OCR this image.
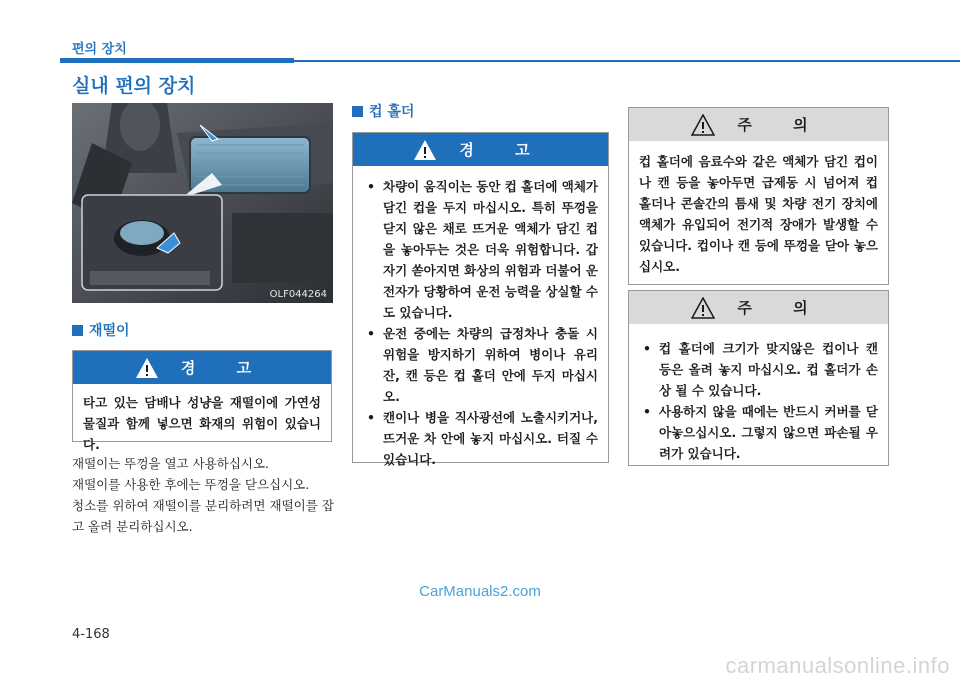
편의 장치
실내 편의 장치
OLF044264
재떨이
경 고

타고 있는 담배나 성냥을 재떨이에 가연성 물질과 함께 넣으면 화재의 위험이 있습니다.

재떨이는 뚜껑을 열고 사용하십시오.

재떨이를 사용한 후에는 뚜껑을 닫으십시오.

청소를 위하여 재떨이를 분리하려면 재떨이를 잡고 올려 분리하십시오.

컵 홀더
경 고
• 차량이 움직이는 동안 컵 홀더에 액체가 담긴 컵을 두지 마십시오. 특히 뚜껑을 닫지 않은 채로 뜨거운 액체가 담긴 컵을 놓아두는 것은 더욱 위험합니다. 갑자기 쏟아지면 화상의 위험과 더불어 운전자가 당황하여 운전 능력을 상실할 수도 있습니다.
• 운전 중에는 차량의 급정차나 충돌 시 위험을 방지하기 위하여 병이나 유리잔, 캔 등은 컵 홀더 안에 두지 마십시오.
• 캔이나 병을 직사광선에 노출시키거나, 뜨거운 차 안에 놓지 마십시오. 터질 수 있습니다.
주 의

컵 홀더에 음료수와 같은 액체가 담긴 컵이나 캔 등을 놓아두면 급제동 시 넘어져 컵 홀더나 콘솔간의 틈새 및 차량 전기 장치에 액체가 유입되어 전기적 장애가 발생할 수 있습니다. 컵이나 캔 등에 뚜껑을 닫아 놓으십시오.

주 의
• 컵 홀더에 크기가 맞지않은 컵이나 캔 등은 올려 놓지 마십시오. 컵 홀더가 손상 될 수 있습니다.
• 사용하지 않을 때에는 반드시 커버를 닫아놓으십시오. 그렇지 않으면 파손될 우려가 있습니다.
CarManuals2.com
4-168
carmanualsonline.info
